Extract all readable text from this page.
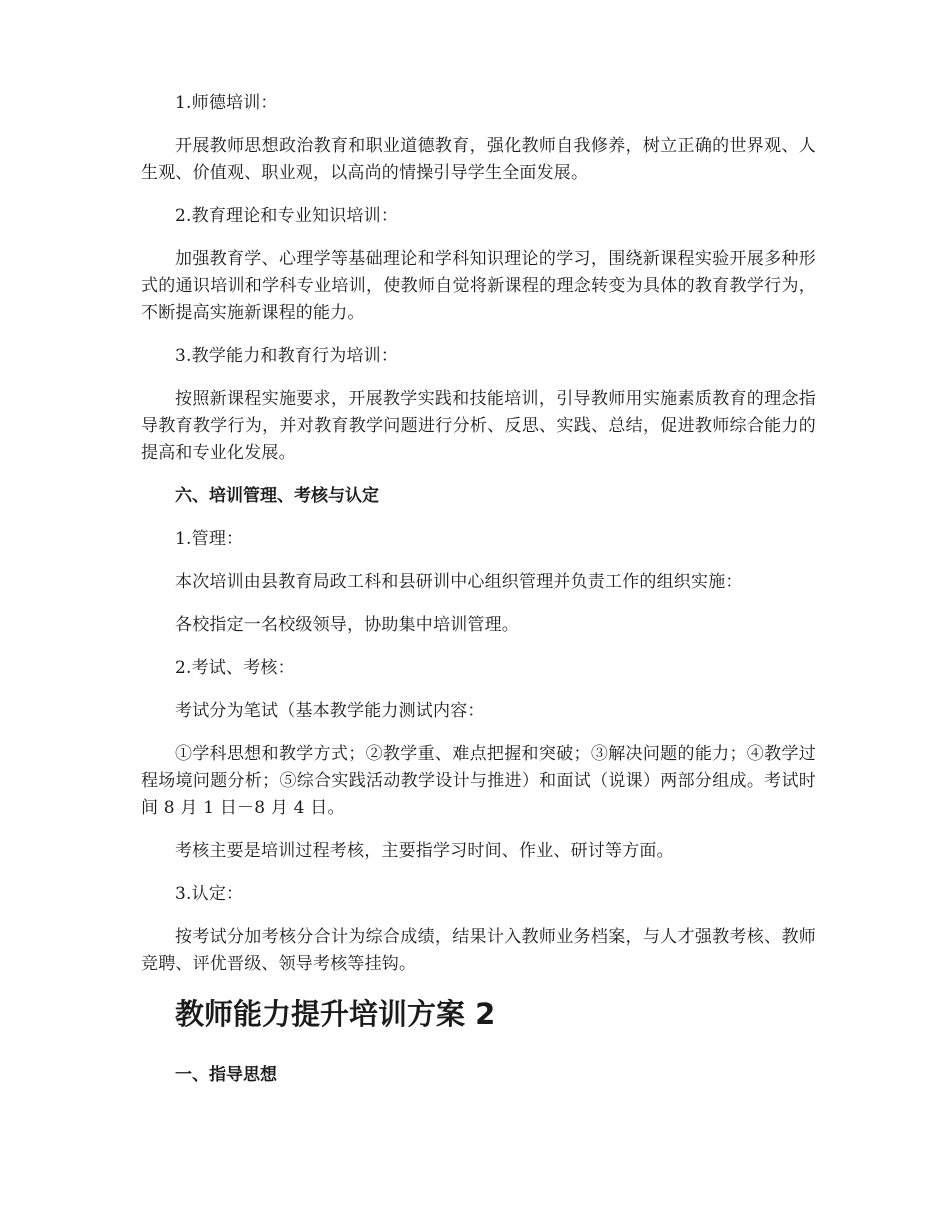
1.师德培训：

开展教师思想政治教育和职业道德教育，强化教师自我修养，树立正确的世界观、人生观、价值观、职业观，以高尚的情操引导学生全面发展。

2.教育理论和专业知识培训：

加强教育学、心理学等基础理论和学科知识理论的学习，围绕新课程实验开展多种形式的通识培训和学科专业培训，使教师自觉将新课程的理念转变为具体的教育教学行为，不断提高实施新课程的能力。

3.教学能力和教育行为培训：

按照新课程实施要求，开展教学实践和技能培训，引导教师用实施素质教育的理念指导教育教学行为，并对教育教学问题进行分析、反思、实践、总结，促进教师综合能力的提高和专业化发展。

六、培训管理、考核与认定

1.管理：

本次培训由县教育局政工科和县研训中心组织管理并负责工作的组织实施：

各校指定一名校级领导，协助集中培训管理。

2.考试、考核：

考试分为笔试（基本教学能力测试内容：

①学科思想和教学方式；②教学重、难点把握和突破；③解决问题的能力；④教学过程场境问题分析；⑤综合实践活动教学设计与推进）和面试（说课）两部分组成。考试时间 8 月 1 日－8 月 4 日。

考核主要是培训过程考核，主要指学习时间、作业、研讨等方面。

3.认定：

按考试分加考核分合计为综合成绩，结果计入教师业务档案，与人才强教考核、教师竞聘、评优晋级、领导考核等挂钩。

教师能力提升培训方案 2
一、指导思想
